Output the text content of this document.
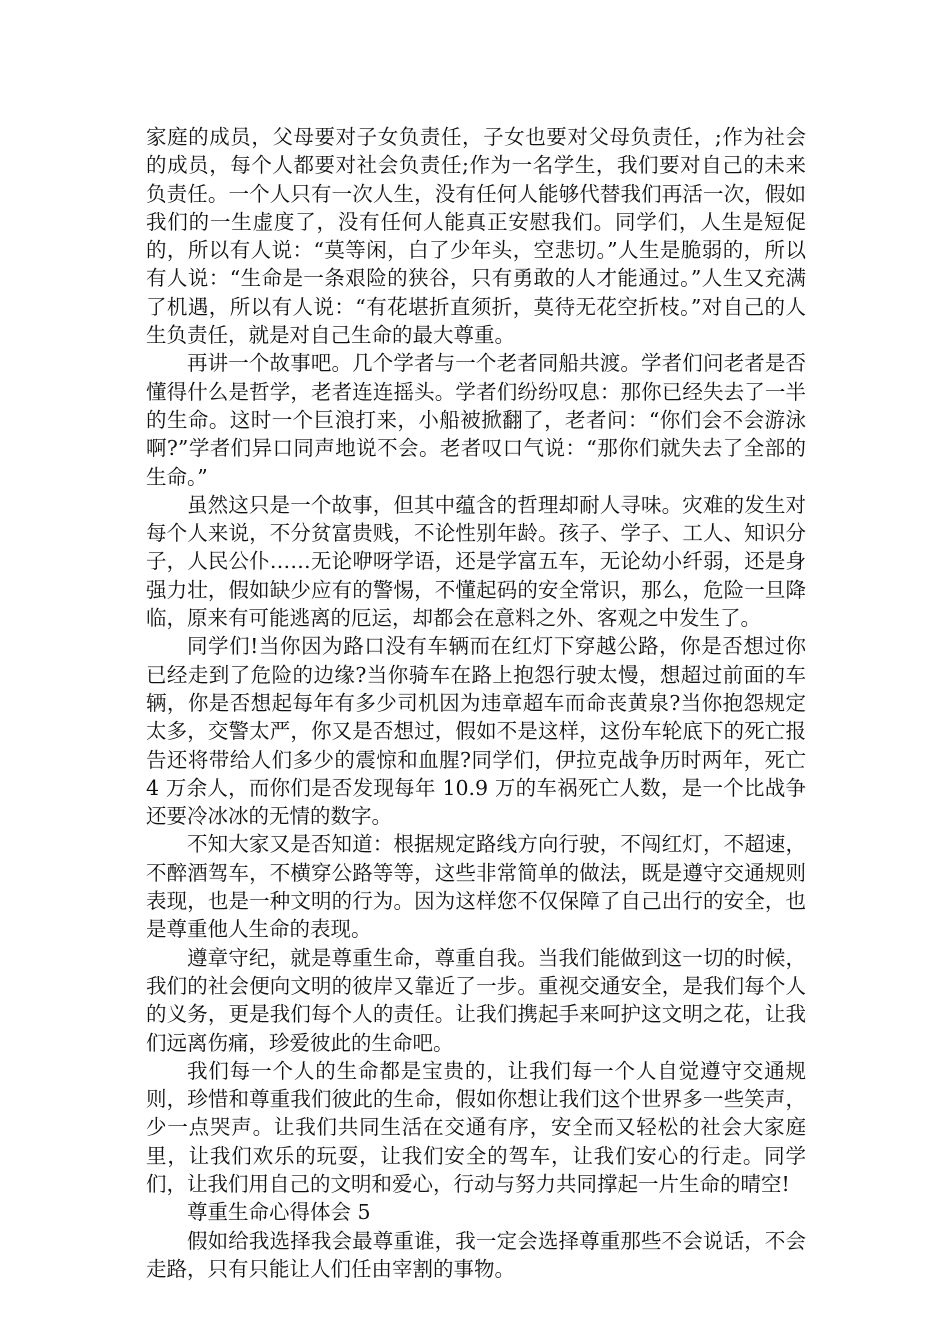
家庭的成员，父母要对子女负责任，子女也要对父母负责任，;作为社会的成员，每个人都要对社会负责任;作为一名学生，我们要对自己的未来负责任。一个人只有一次人生，没有任何人能够代替我们再活一次，假如我们的一生虚度了，没有任何人能真正安慰我们。同学们，人生是短促的，所以有人说：“莫等闲，白了少年头，空悲切。”人生是脆弱的，所以有人说：“生命是一条艰险的狭谷，只有勇敢的人才能通过。”人生又充满了机遇，所以有人说：“有花堪折直须折，莫待无花空折枝。”对自己的人生负责任，就是对自己生命的最大尊重。

再讲一个故事吧。几个学者与一个老者同船共渡。学者们问老者是否懂得什么是哲学，老者连连摇头。学者们纷纷叹息：那你已经失去了一半的生命。这时一个巨浪打来，小船被掀翻了，老者问：“你们会不会游泳啊?”学者们异口同声地说不会。老者叹口气说：“那你们就失去了全部的生命。”

虽然这只是一个故事，但其中蕴含的哲理却耐人寻味。灾难的发生对每个人来说，不分贫富贵贱，不论性别年龄。孩子、学子、工人、知识分子，人民公仆……无论咿呀学语，还是学富五车，无论幼小纤弱，还是身强力壮，假如缺少应有的警惕，不懂起码的安全常识，那么，危险一旦降临，原来有可能逃离的厄运，却都会在意料之外、客观之中发生了。

同学们!当你因为路口没有车辆而在红灯下穿越公路，你是否想过你已经走到了危险的边缘?当你骑车在路上抱怨行驶太慢，想超过前面的车辆，你是否想起每年有多少司机因为违章超车而命丧黄泉?当你抱怨规定太多，交警太严，你又是否想过，假如不是这样，这份车轮底下的死亡报告还将带给人们多少的震惊和血腥?同学们，伊拉克战争历时两年，死亡 4 万余人，而你们是否发现每年 10.9 万的车祸死亡人数，是一个比战争还要冷冰冰的无情的数字。

不知大家又是否知道：根据规定路线方向行驶，不闯红灯，不超速，不醉酒驾车，不横穿公路等等，这些非常简单的做法，既是遵守交通规则表现，也是一种文明的行为。因为这样您不仅保障了自己出行的安全，也是尊重他人生命的表现。

遵章守纪，就是尊重生命，尊重自我。当我们能做到这一切的时候，我们的社会便向文明的彼岸又靠近了一步。重视交通安全，是我们每个人的义务，更是我们每个人的责任。让我们携起手来呵护这文明之花，让我们远离伤痛，珍爱彼此的生命吧。

我们每一个人的生命都是宝贵的，让我们每一个人自觉遵守交通规则，珍惜和尊重我们彼此的生命，假如你想让我们这个世界多一些笑声，少一点哭声。让我们共同生活在交通有序，安全而又轻松的社会大家庭里，让我们欢乐的玩耍，让我们安全的驾车，让我们安心的行走。同学们，让我们用自己的文明和爱心，行动与努力共同撑起一片生命的晴空!

尊重生命心得体会 5

假如给我选择我会最尊重谁，我一定会选择尊重那些不会说话，不会走路，只有只能让人们任由宰割的事物。
